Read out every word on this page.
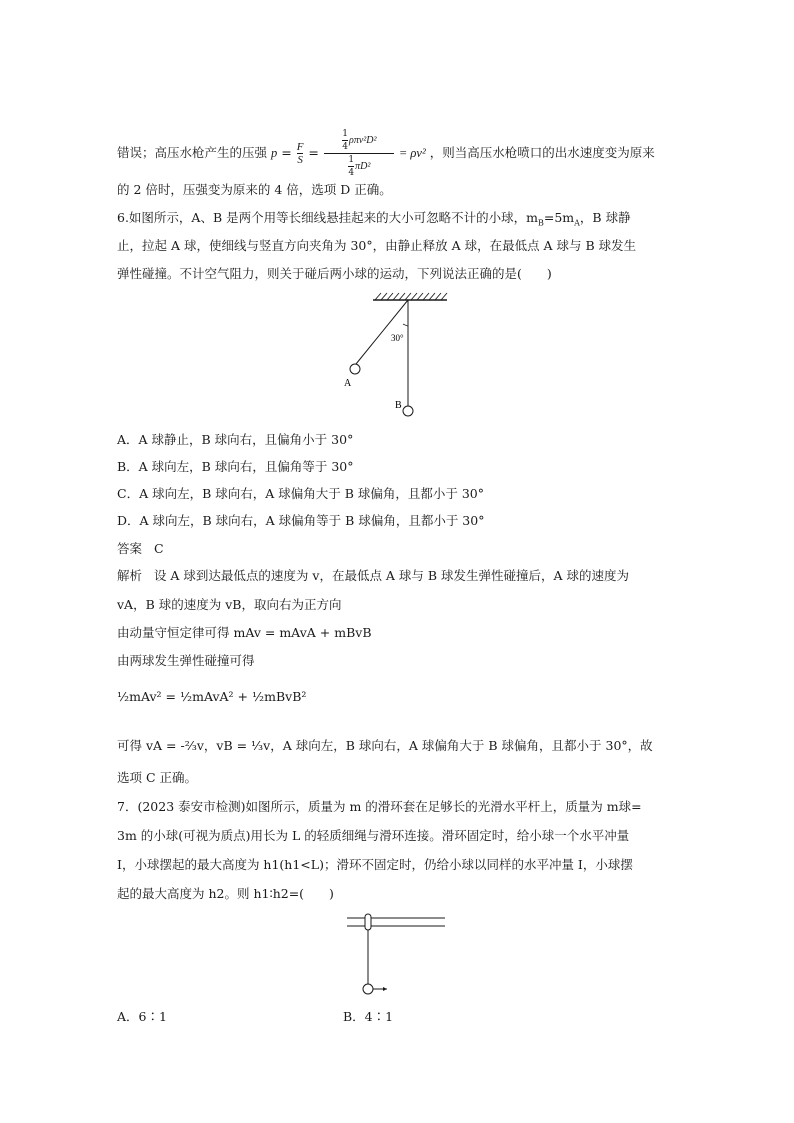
错误；高压水枪产生的压强 $p = \frac{F}{S} = \frac{\frac{1}{4} \rho\pi v^2D^2}{\frac{1}{4} \pi D^2} = \rho v^2$ ，则当高压水枪喷口的出水速度变为原来
的 2 倍时，压强变为原来的 4 倍，选项 D 正确。
6.如图所示，A、B 是两个用等长细线悬挂起来的大小可忽略不计的小球，$m_B=5m_A$，B 球静
止，拉起 A 球，使细线与竖直方向夹角为 30°，由静止释放 A 球，在最低点 A 球与 B 球发生
弹性碰撞。不计空气阻力，则关于碰后两小球的运动，下列说法正确的是(　　)
30°
A
B
A．A 球静止，B 球向右，且偏角小于 30°
B．A 球向左，B 球向右，且偏角等于 30°
C．A 球向左，B 球向右，A 球偏角大于 B 球偏角，且都小于 30°
D．A 球向左，B 球向右，A 球偏角等于 B 球偏角，且都小于 30°
答案 C
解析 设 A 球到达最低点的速度为 v，在最低点 A 球与 B 球发生弹性碰撞后，A 球的速度为
vA，B 球的速度为 vB，取向右为正方向
由动量守恒定律可得 mAv = mAvA + mBvB
由两球发生弹性碰撞可得
½mAv² = ½mAvA² + ½mBvB²
可得 vA = -⅔v，vB = ⅓v，A 球向左，B 球向右，A 球偏角大于 B 球偏角，且都小于 30°，故
选项 C 正确。
7．(2023 泰安市检测)如图所示，质量为 m 的滑环套在足够长的光滑水平杆上，质量为 m球=
3m 的小球(可视为质点)用长为 L 的轻质细绳与滑环连接。滑环固定时，给小球一个水平冲量
I，小球摆起的最大高度为 h1(h1<L)；滑环不固定时，仍给小球以同样的水平冲量 I，小球摆
起的最大高度为 h2。则 h1∶h2=(　　)
A．6∶1	B．4∶1
